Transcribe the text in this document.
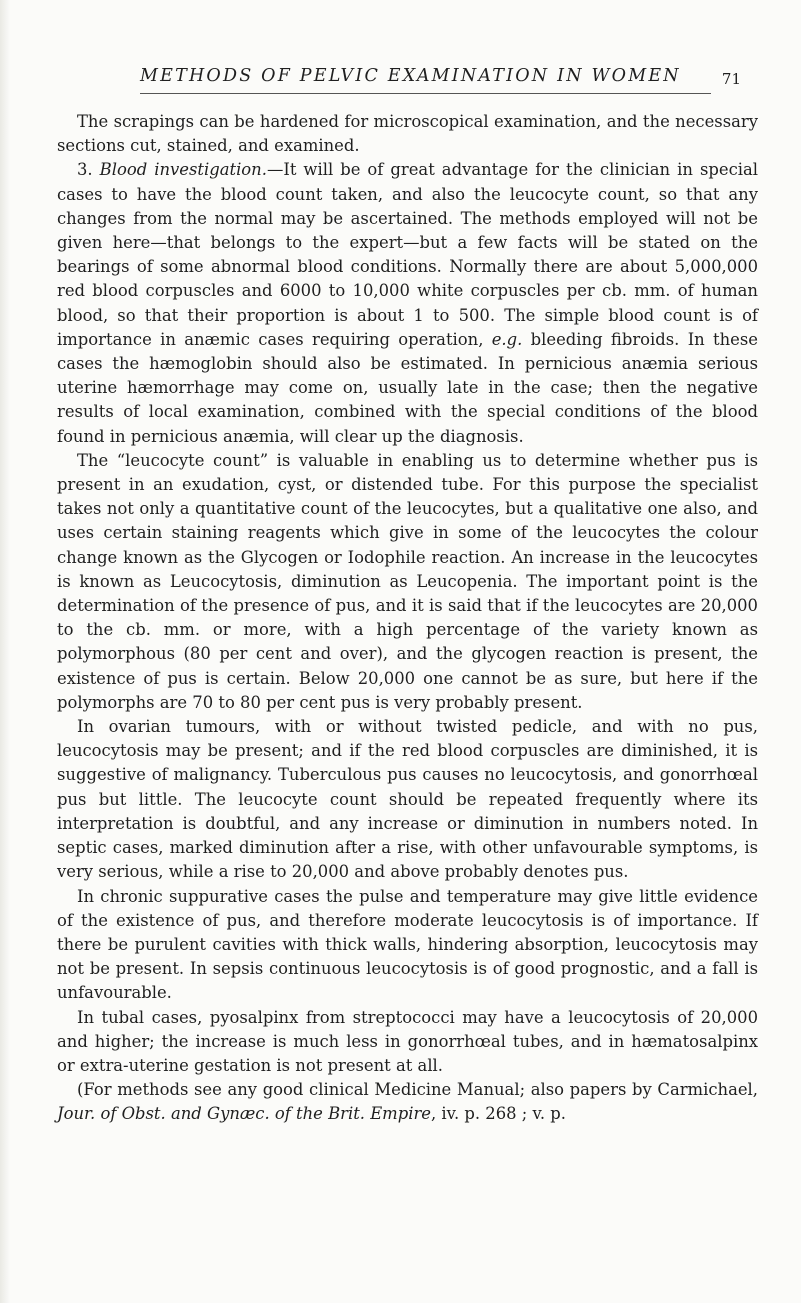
METHODS OF PELVIC EXAMINATION IN WOMEN	71

The scrapings can be hardened for microscopical examination, and the necessary sections cut, stained, and examined.

3. Blood investigation.—It will be of great advantage for the clinician in special cases to have the blood count taken, and also the leucocyte count, so that any changes from the normal may be ascertained. The methods employed will not be given here—that belongs to the expert—but a few facts will be stated on the bearings of some abnormal blood conditions. Normally there are about 5,000,000 red blood corpuscles and 6000 to 10,000 white corpuscles per cb. mm. of human blood, so that their proportion is about 1 to 500. The simple blood count is of importance in anæmic cases requiring operation, e.g. bleeding fibroids. In these cases the hæmoglobin should also be estimated. In pernicious anæmia serious uterine hæmorrhage may come on, usually late in the case; then the negative results of local examination, combined with the special conditions of the blood found in pernicious anæmia, will clear up the diagnosis.

The “leucocyte count” is valuable in enabling us to determine whether pus is present in an exudation, cyst, or distended tube. For this purpose the specialist takes not only a quantitative count of the leucocytes, but a qualitative one also, and uses certain staining reagents which give in some of the leucocytes the colour change known as the Glycogen or Iodophile reaction. An increase in the leucocytes is known as Leucocytosis, diminution as Leucopenia. The important point is the determination of the presence of pus, and it is said that if the leucocytes are 20,000 to the cb. mm. or more, with a high percentage of the variety known as polymorphous (80 per cent and over), and the glycogen reaction is present, the existence of pus is certain. Below 20,000 one cannot be as sure, but here if the polymorphs are 70 to 80 per cent pus is very probably present.

In ovarian tumours, with or without twisted pedicle, and with no pus, leucocytosis may be present; and if the red blood corpuscles are diminished, it is suggestive of malignancy. Tuberculous pus causes no leucocytosis, and gonorrhœal pus but little. The leucocyte count should be repeated frequently where its interpretation is doubtful, and any increase or diminution in numbers noted. In septic cases, marked diminution after a rise, with other unfavourable symptoms, is very serious, while a rise to 20,000 and above probably denotes pus.

In chronic suppurative cases the pulse and temperature may give little evidence of the existence of pus, and therefore moderate leucocytosis is of importance. If there be purulent cavities with thick walls, hindering absorption, leucocytosis may not be present. In sepsis continuous leucocytosis is of good prognostic, and a fall is unfavourable.

In tubal cases, pyosalpinx from streptococci may have a leucocytosis of 20,000 and higher; the increase is much less in gonorrhœal tubes, and in hæmatosalpinx or extra-uterine gestation is not present at all.

(For methods see any good clinical Medicine Manual; also papers by Carmichael, Jour. of Obst. and Gynæc. of the Brit. Empire, iv. p. 268 ; v. p.
